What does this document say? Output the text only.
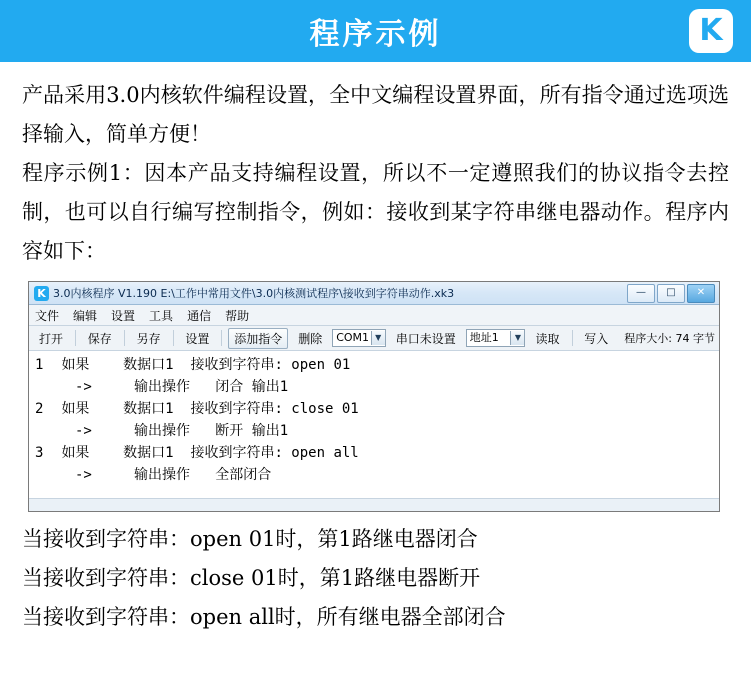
程序示例	K
产品采用3.0内核软件编程设置，全中文编程设置界面，所有指令通过选项选择输入，简单方便！
程序示例1：因本产品支持编程设置，所以不一定遵照我们的协议指令去控制，也可以自行编写控制指令，例如：接收到某字符串继电器动作。程序内容如下：
K 3.0内核程序 V1.190 E:\工作中常用文件\3.0内核测试程序\接收到字符串动作.xk3	—	□	✕
文件 编辑 设置 工具 通信 帮助
打开	保存	另存	设置	添加指令	删除	COM1 ▼	串口未设置	地址1	▼	读取	写入	程序大小: 74 字节
1 如果    数据口1  接收到字符串: open 01
->     输出操作   闭合 输出1
2 如果    数据口1  接收到字符串: close 01
->     输出操作   断开 输出1
3 如果    数据口1  接收到字符串: open all
->     输出操作   全部闭合
当接收到字符串：open 01时，第1路继电器闭合
当接收到字符串：close 01时，第1路继电器断开
当接收到字符串：open all时，所有继电器全部闭合
